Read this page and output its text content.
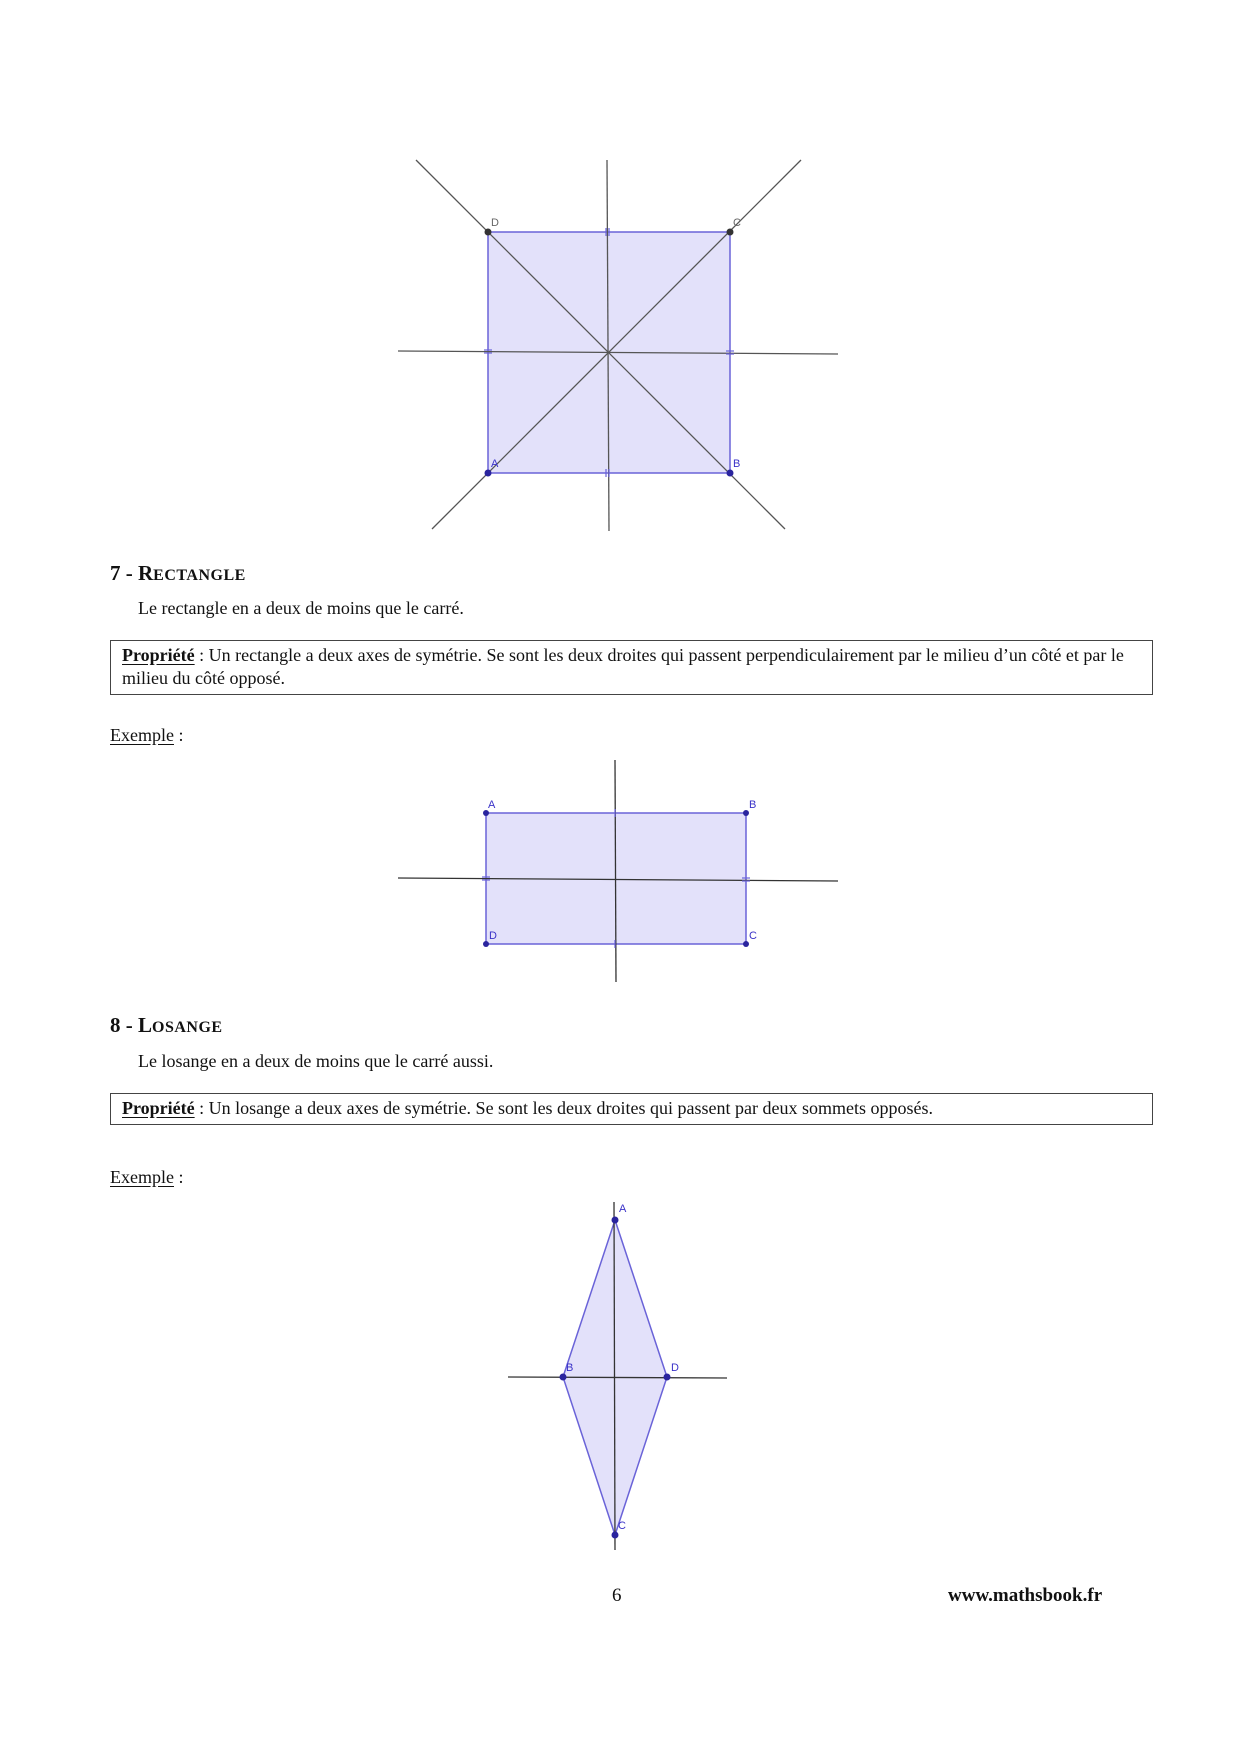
D	C
A	B
7 - RECTANGLE
Le rectangle en a deux de moins que le carré.
Propriété : Un rectangle a deux axes de symétrie. Se sont les deux droites qui passent perpendiculairement par le milieu d’un côté et par le milieu du côté opposé.
Exemple :
A	B
C
D
8 - LOSANGE
Le losange en a deux de moins que le carré aussi.
Propriété : Un losange a deux axes de symétrie. Se sont les deux droites qui passent par deux sommets opposés.
Exemple :
A
B
C
D
6	www.mathsbook.fr
